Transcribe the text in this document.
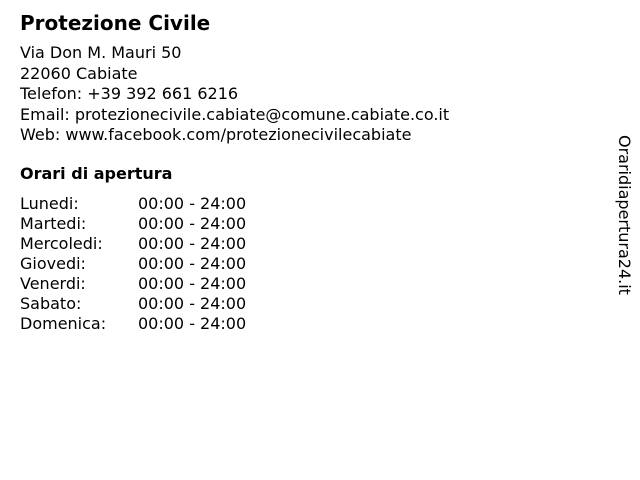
Protezione Civile
Via Don M. Mauri 50
22060 Cabiate
Telefon: +39 392 661 6216
Email: protezionecivile.cabiate@comune.cabiate.co.it
Web: www.facebook.com/protezionecivilecabiate
Orari di apertura
Lunedi:	00:00 - 24:00
Martedi:	00:00 - 24:00
Mercoledi: 00:00 - 24:00
Giovedi:	00:00 - 24:00
Venerdi:	00:00 - 24:00
Sabato:	00:00 - 24:00
Domenica: 00:00 - 24:00
Oraridiapertura24.it
